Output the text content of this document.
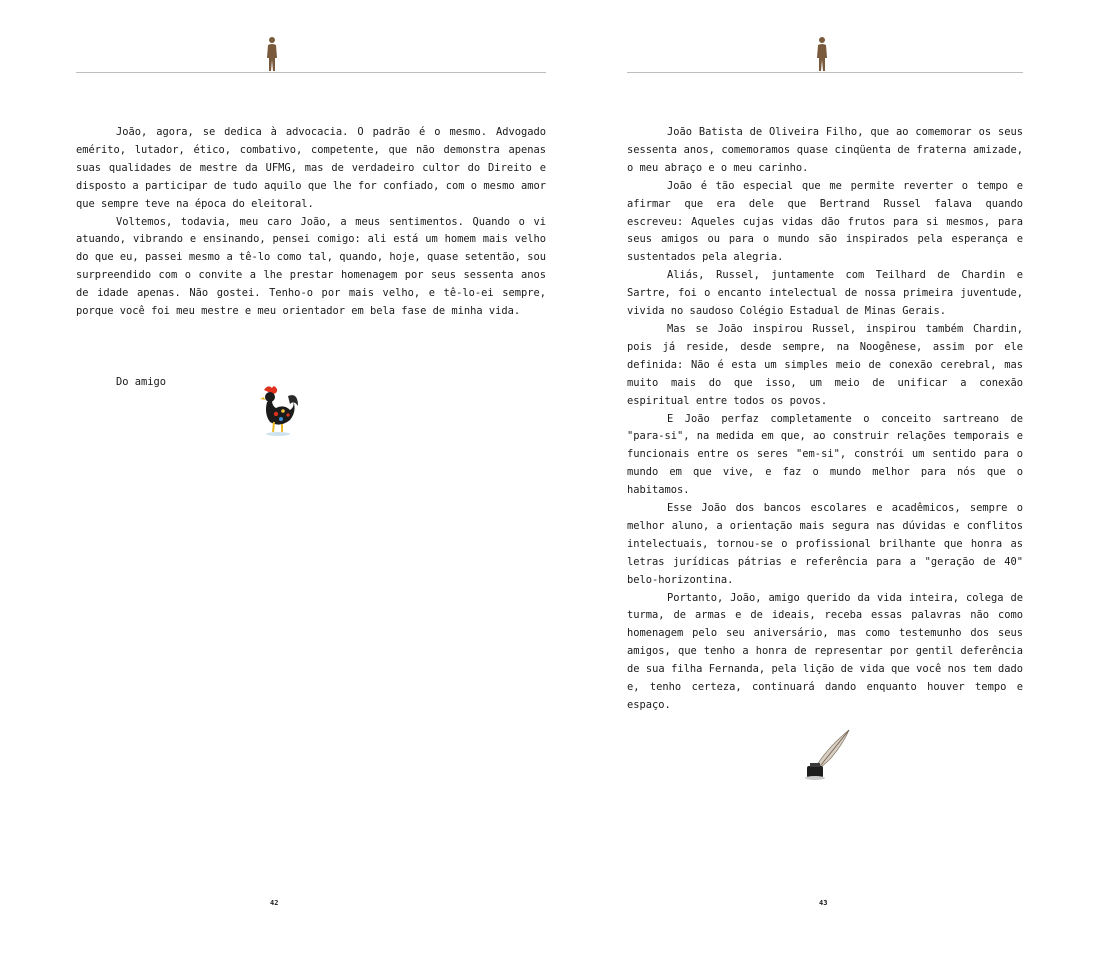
João, agora, se dedica à advocacia. O padrão é o mesmo. Advogado emérito, lutador, ético, combativo, competente, que não demonstra apenas suas qualidades de mestre da UFMG, mas de verdadeiro cultor do Direito e disposto a participar de tudo aquilo que lhe for confiado, com o mesmo amor que sempre teve na época do eleitoral.

Voltemos, todavia, meu caro João, a meus sentimentos. Quando o vi atuando, vibrando e ensinando, pensei comigo: ali está um homem mais velho do que eu, passei mesmo a tê-lo como tal, quando, hoje, quase setentão, sou surpreendido com o convite a lhe prestar homenagem por seus sessenta anos de idade apenas. Não gostei. Tenho-o por mais velho, e tê-lo-ei sempre, porque você foi meu mestre e meu orientador em bela fase de minha vida.

Do amigo
42

João Batista de Oliveira Filho, que ao comemorar os seus sessenta anos, comemoramos quase cinqüenta de fraterna amizade, o meu abraço e o meu carinho.

João é tão especial que me permite reverter o tempo e afirmar que era dele que Bertrand Russel falava quando escreveu: Aqueles cujas vidas dão frutos para si mesmos, para seus amigos ou para o mundo são inspirados pela esperança e sustentados pela alegria.

Aliás, Russel, juntamente com Teilhard de Chardin e Sartre, foi o encanto intelectual de nossa primeira juventude, vivida no saudoso Colégio Estadual de Minas Gerais.

Mas se João inspirou Russel, inspirou também Chardin, pois já reside, desde sempre, na Noogênese, assim por ele definida: Não é esta um simples meio de conexão cerebral, mas muito mais do que isso, um meio de unificar a conexão espiritual entre todos os povos.

E João perfaz completamente o conceito sartreano de "para-si", na medida em que, ao construir relações temporais e funcionais entre os seres "em-si", constrói um sentido para o mundo em que vive, e faz o mundo melhor para nós que o habitamos.

Esse João dos bancos escolares e acadêmicos, sempre o melhor aluno, a orientação mais segura nas dúvidas e conflitos intelectuais, tornou-se o profissional brilhante que honra as letras jurídicas pátrias e referência para a "geração de 40" belo-horizontina.

Portanto, João, amigo querido da vida inteira, colega de turma, de armas e de ideais, receba essas palavras não como homenagem pelo seu aniversário, mas como testemunho dos seus amigos, que tenho a honra de representar por gentil deferência de sua filha Fernanda, pela lição de vida que você nos tem dado e, tenho certeza, continuará dando enquanto houver tempo e espaço.

43
